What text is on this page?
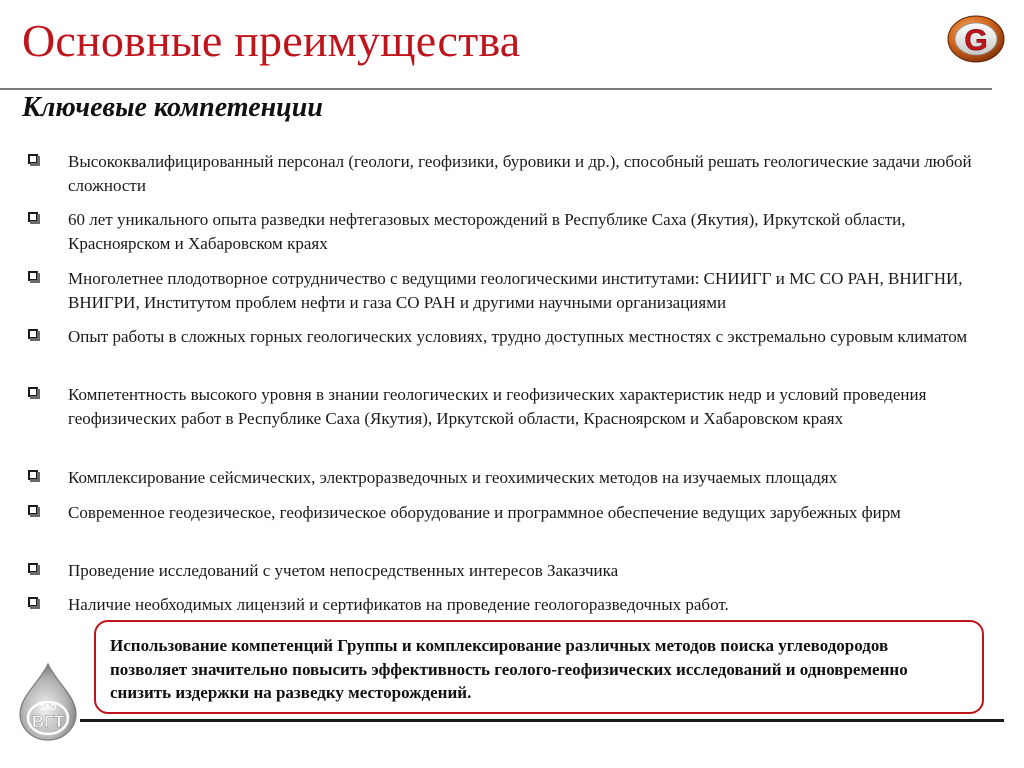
Основные преимущества	G
Ключевые компетенции
Высококвалифицированный персонал (геологи, геофизики, буровики и др.), способный решать геологические задачи любой сложности
60 лет уникального опыта разведки нефтегазовых месторождений в Республике Саха (Якутия), Иркутской области, Красноярском и Хабаровском краях
Многолетнее плодотворное сотрудничество с ведущими геологическими институтами: СНИИГГ и МС СО РАН, ВНИГНИ, ВНИГРИ, Институтом проблем нефти и газа СО РАН и другими научными организациями
Опыт работы в сложных горных геологических условиях, трудно доступных местностях с экстремально суровым климатом
Компетентность высокого уровня в знании геологических и геофизических характеристик недр и условий проведения геофизических работ в Республике Саха (Якутия), Иркутской области, Красноярском и Хабаровском краях
Комплексирование сейсмических, электроразведочных и геохимических методов на изучаемых площадях
Современное геодезическое, геофизическое оборудование и программное обеспечение ведущих зарубежных фирм
Проведение исследований с учетом непосредственных интересов Заказчика
Наличие необходимых лицензий и сертификатов на проведение геологоразведочных работ.

Использование компетенций Группы и комплексирование различных методов поиска углеводородов позволяет значительно повысить эффективность геолого-геофизических исследований и одновременно снизить издержки на разведку месторождений.

ЗАО
ВГТ
